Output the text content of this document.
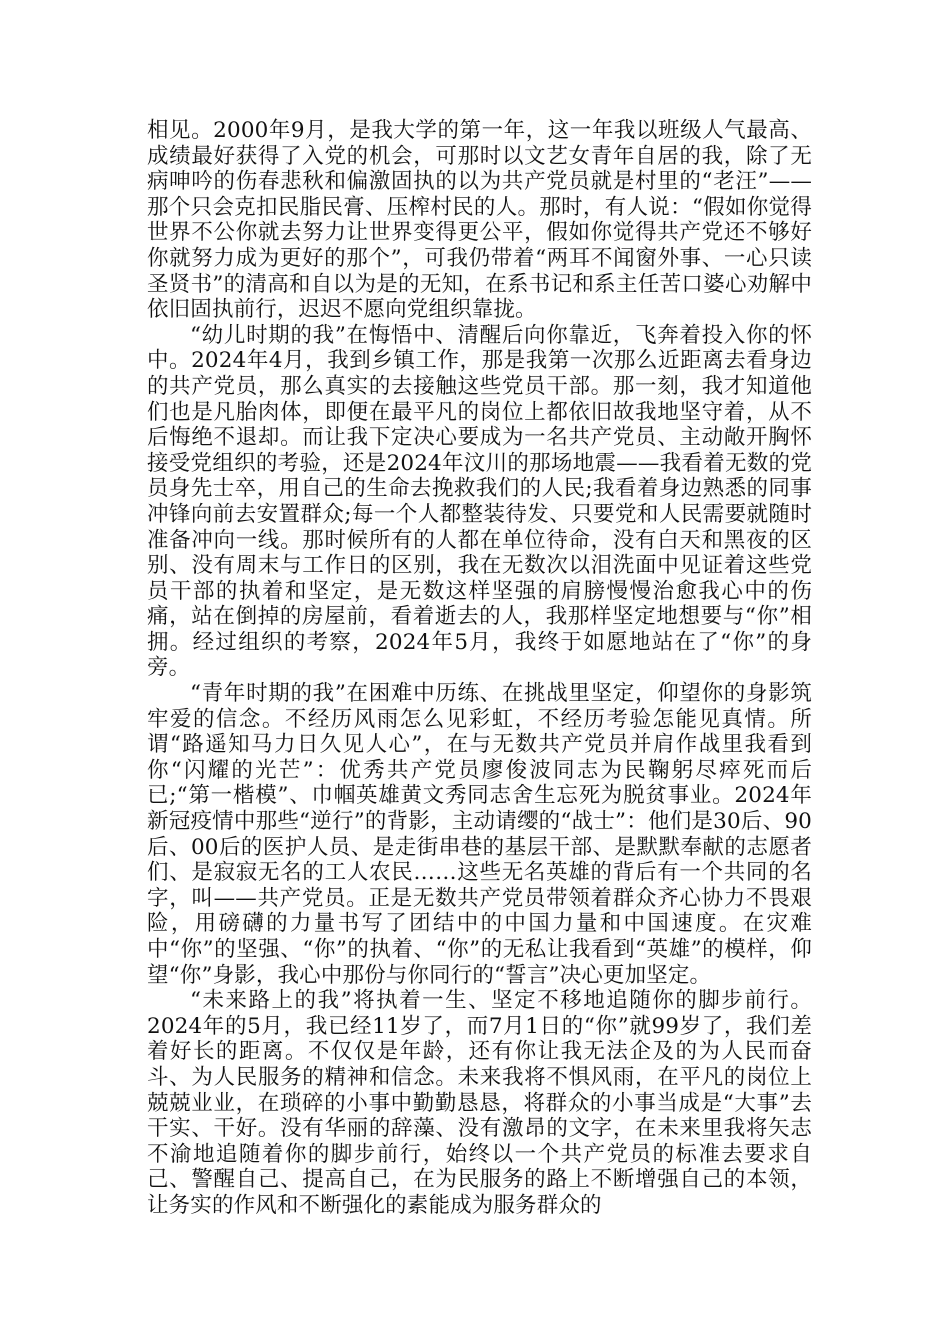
相见。2000年9月，是我大学的第一年，这一年我以班级人气最高、成绩最好获得了入党的机会，可那时以文艺女青年自居的我，除了无病呻吟的伤春悲秋和偏激固执的以为共产党员就是村里的“老汪”——那个只会克扣民脂民膏、压榨村民的人。那时，有人说：“假如你觉得世界不公你就去努力让世界变得更公平，假如你觉得共产党还不够好你就努力成为更好的那个”，可我仍带着“两耳不闻窗外事、一心只读圣贤书”的清高和自以为是的无知，在系书记和系主任苦口婆心劝解中依旧固执前行，迟迟不愿向党组织靠拢。

“幼儿时期的我”在悔悟中、清醒后向你靠近，飞奔着投入你的怀中。2024年4月，我到乡镇工作，那是我第一次那么近距离去看身边的共产党员，那么真实的去接触这些党员干部。那一刻，我才知道他们也是凡胎肉体，即便在最平凡的岗位上都依旧故我地坚守着，从不后悔绝不退却。而让我下定决心要成为一名共产党员、主动敞开胸怀接受党组织的考验，还是2024年汶川的那场地震——我看着无数的党员身先士卒，用自己的生命去挽救我们的人民;我看着身边熟悉的同事冲锋向前去安置群众;每一个人都整装待发、只要党和人民需要就随时准备冲向一线。那时候所有的人都在单位待命，没有白天和黑夜的区别、没有周末与工作日的区别，我在无数次以泪洗面中见证着这些党员干部的执着和坚定，是无数这样坚强的肩膀慢慢治愈我心中的伤痛，站在倒掉的房屋前，看着逝去的人，我那样坚定地想要与“你”相拥。经过组织的考察，2024年5月，我终于如愿地站在了“你”的身旁。

“青年时期的我”在困难中历练、在挑战里坚定，仰望你的身影筑牢爱的信念。不经历风雨怎么见彩虹，不经历考验怎能见真情。所谓“路遥知马力日久见人心”，在与无数共产党员并肩作战里我看到你“闪耀的光芒”：优秀共产党员廖俊波同志为民鞠躬尽瘁死而后已;“第一楷模”、巾帼英雄黄文秀同志舍生忘死为脱贫事业。2024年新冠疫情中那些“逆行”的背影，主动请缨的“战士”：他们是30后、90后、00后的医护人员、是走街串巷的基层干部、是默默奉献的志愿者们、是寂寂无名的工人农民……这些无名英雄的背后有一个共同的名字，叫——共产党员。正是无数共产党员带领着群众齐心协力不畏艰险，用磅礴的力量书写了团结中的中国力量和中国速度。在灾难中“你”的坚强、“你”的执着、“你”的无私让我看到“英雄”的模样，仰望“你”身影，我心中那份与你同行的“誓言”决心更加坚定。

“未来路上的我”将执着一生、坚定不移地追随你的脚步前行。2024年的5月，我已经11岁了，而7月1日的“你”就99岁了，我们差着好长的距离。不仅仅是年龄，还有你让我无法企及的为人民而奋斗、为人民服务的精神和信念。未来我将不惧风雨，在平凡的岗位上兢兢业业，在琐碎的小事中勤勤恳恳，将群众的小事当成是“大事”去干实、干好。没有华丽的辞藻、没有激昂的文字，在未来里我将矢志不渝地追随着你的脚步前行，始终以一个共产党员的标准去要求自己、警醒自己、提高自己，在为民服务的路上不断增强自己的本领，让务实的作风和不断强化的素能成为服务群众的
